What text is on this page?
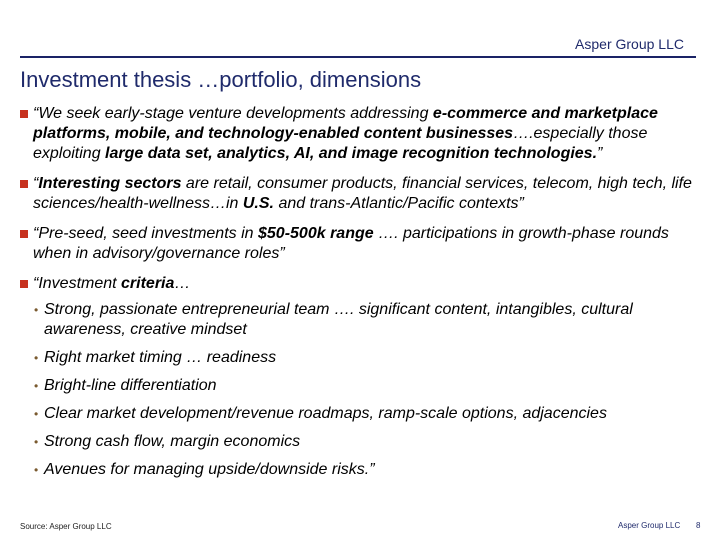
Asper Group LLC
Investment thesis …portfolio, dimensions
“We seek early-stage venture developments addressing e-commerce and marketplace platforms, mobile, and technology-enabled content businesses….especially those exploiting large data set, analytics, AI, and image recognition technologies.”
“Interesting sectors are retail, consumer products, financial services, telecom, high tech, life sciences/health-wellness…in U.S. and trans-Atlantic/Pacific contexts”
“Pre-seed, seed investments in $50-500k range …. participations in growth-phase rounds when in advisory/governance roles”
“Investment criteria…
• Strong, passionate entrepreneurial team …. significant content, intangibles, cultural awareness, creative mindset
• Right market timing … readiness
• Bright-line differentiation
• Clear market development/revenue roadmaps, ramp-scale options, adjacencies
• Strong cash flow, margin economics
• Avenues for managing upside/downside risks.”
Source: Asper Group LLC	Asper Group LLC 8
